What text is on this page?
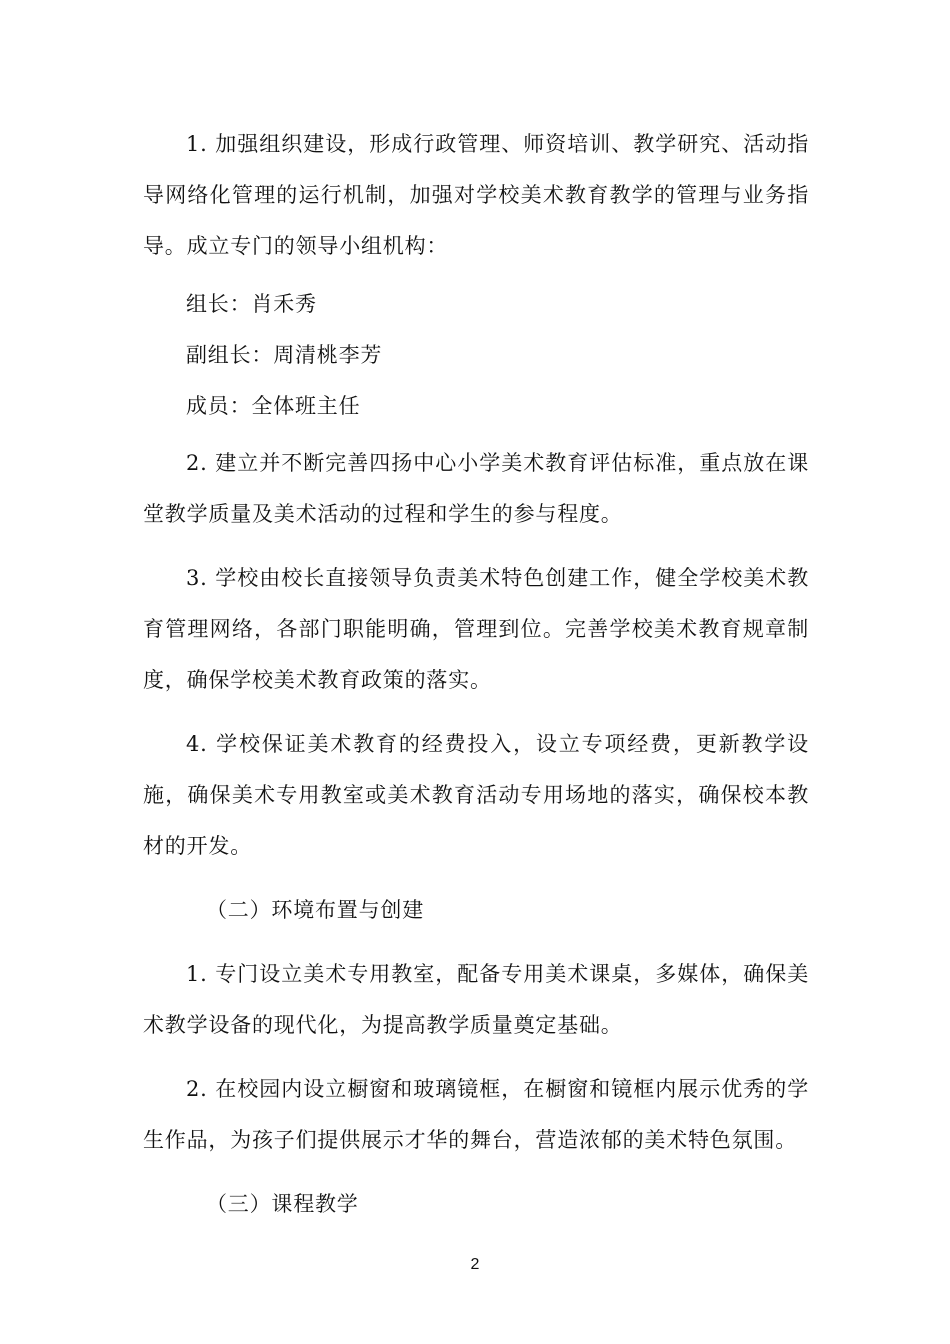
1. 加强组织建设，形成行政管理、师资培训、教学研究、活动指导网络化管理的运行机制，加强对学校美术教育教学的管理与业务指导。成立专门的领导小组机构：

组长：肖禾秀

副组长：周清桃李芳

成员：全体班主任

2. 建立并不断完善四扬中心小学美术教育评估标准，重点放在课堂教学质量及美术活动的过程和学生的参与程度。

3. 学校由校长直接领导负责美术特色创建工作，健全学校美术教育管理网络，各部门职能明确，管理到位。完善学校美术教育规章制度，确保学校美术教育政策的落实。

4. 学校保证美术教育的经费投入，设立专项经费，更新教学设施，确保美术专用教室或美术教育活动专用场地的落实，确保校本教材的开发。

（二）环境布置与创建

1. 专门设立美术专用教室，配备专用美术课桌，多媒体，确保美术教学设备的现代化，为提高教学质量奠定基础。

2. 在校园内设立橱窗和玻璃镜框，在橱窗和镜框内展示优秀的学生作品，为孩子们提供展示才华的舞台，营造浓郁的美术特色氛围。

（三）课程教学

2
